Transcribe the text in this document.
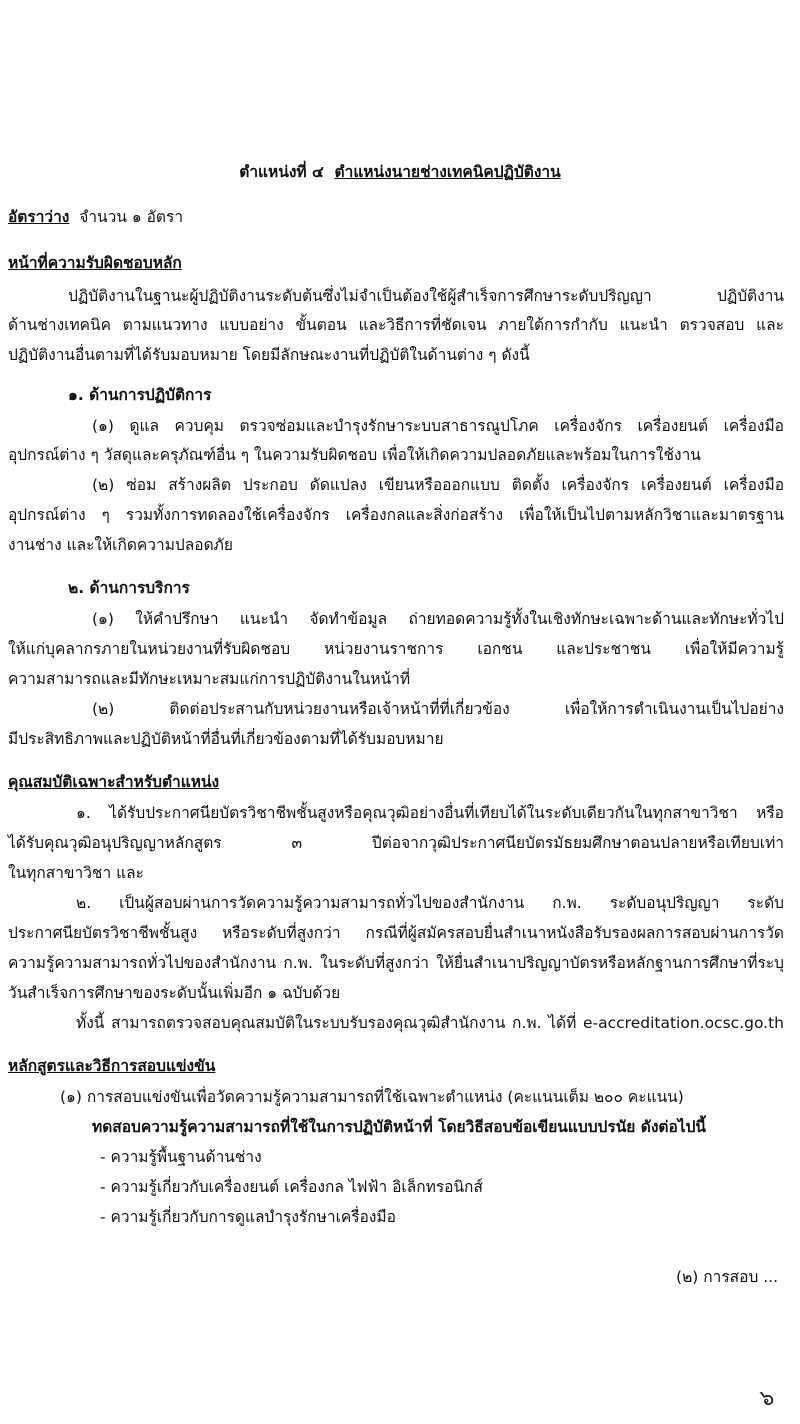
ตำแหน่งที่ ๔ ตำแหน่งนายช่างเทคนิคปฏิบัติงาน
อัตราว่าง จำนวน ๑ อัตรา
หน้าที่ความรับผิดชอบหลัก
ปฏิบัติงานในฐานะผู้ปฏิบัติงานระดับต้นซึ่งไม่จำเป็นต้องใช้ผู้สำเร็จการศึกษาระดับปริญญา ปฏิบัติงาน
ด้านช่างเทคนิค ตามแนวทาง แบบอย่าง ขั้นตอน และวิธีการที่ชัดเจน ภายใต้การกำกับ แนะนำ ตรวจสอบ และ
ปฏิบัติงานอื่นตามที่ได้รับมอบหมาย โดยมีลักษณะงานที่ปฏิบัติในด้านต่าง ๆ ดังนี้
๑. ด้านการปฏิบัติการ
(๑) ดูแล ควบคุม ตรวจซ่อมและบำรุงรักษาระบบสาธารณูปโภค เครื่องจักร เครื่องยนต์ เครื่องมือ
อุปกรณ์ต่าง ๆ วัสดุและครุภัณฑ์อื่น ๆ ในความรับผิดชอบ เพื่อให้เกิดความปลอดภัยและพร้อมในการใช้งาน
(๒) ซ่อม สร้างผลิต ประกอบ ดัดแปลง เขียนหรือออกแบบ ติดตั้ง เครื่องจักร เครื่องยนต์ เครื่องมือ
อุปกรณ์ต่าง ๆ รวมทั้งการทดลองใช้เครื่องจักร เครื่องกลและสิ่งก่อสร้าง เพื่อให้เป็นไปตามหลักวิชาและมาตรฐาน
งานช่าง และให้เกิดความปลอดภัย
๒. ด้านการบริการ
(๑) ให้คำปรึกษา แนะนำ จัดทำข้อมูล ถ่ายทอดความรู้ทั้งในเชิงทักษะเฉพาะด้านและทักษะทั่วไป
ให้แก่บุคลากรภายในหน่วยงานที่รับผิดชอบ หน่วยงานราชการ เอกชน และประชาชน เพื่อให้มีความรู้
ความสามารถและมีทักษะเหมาะสมแก่การปฏิบัติงานในหน้าที่
(๒) ติดต่อประสานกับหน่วยงานหรือเจ้าหน้าที่ที่เกี่ยวข้อง เพื่อให้การดำเนินงานเป็นไปอย่าง
มีประสิทธิภาพและปฏิบัติหน้าที่อื่นที่เกี่ยวข้องตามที่ได้รับมอบหมาย
คุณสมบัติเฉพาะสำหรับตำแหน่ง
๑. ได้รับประกาศนียบัตรวิชาชีพชั้นสูงหรือคุณวุฒิอย่างอื่นที่เทียบได้ในระดับเดียวกันในทุกสาขาวิชา หรือ
ได้รับคุณวุฒิอนุปริญญาหลักสูตร ๓ ปีต่อจากวุฒิประกาศนียบัตรมัธยมศึกษาตอนปลายหรือเทียบเท่า
ในทุกสาขาวิชา และ
๒. เป็นผู้สอบผ่านการวัดความรู้ความสามารถทั่วไปของสำนักงาน ก.พ. ระดับอนุปริญญา ระดับ
ประกาศนียบัตรวิชาชีพชั้นสูง หรือระดับที่สูงกว่า กรณีที่ผู้สมัครสอบยื่นสำเนาหนังสือรับรองผลการสอบผ่านการวัด
ความรู้ความสามารถทั่วไปของสำนักงาน ก.พ. ในระดับที่สูงกว่า ให้ยื่นสำเนาปริญญาบัตรหรือหลักฐานการศึกษาที่ระบุ
วันสำเร็จการศึกษาของระดับนั้นเพิ่มอีก ๑ ฉบับด้วย
ทั้งนี้ สามารถตรวจสอบคุณสมบัติในระบบรับรองคุณวุฒิสำนักงาน ก.พ. ได้ที่ e-accreditation.ocsc.go.th
หลักสูตรและวิธีการสอบแข่งขัน
(๑) การสอบแข่งขันเพื่อวัดความรู้ความสามารถที่ใช้เฉพาะตำแหน่ง (คะแนนเต็ม ๒๐๐ คะแนน)
ทดสอบความรู้ความสามารถที่ใช้ในการปฏิบัติหน้าที่ โดยวิธีสอบข้อเขียนแบบปรนัย ดังต่อไปนี้
- ความรู้พื้นฐานด้านช่าง
- ความรู้เกี่ยวกับเครื่องยนต์ เครื่องกล ไฟฟ้า อิเล็กทรอนิกส์
- ความรู้เกี่ยวกับการดูแลบำรุงรักษาเครื่องมือ
(๒) การสอบ ...
๖
